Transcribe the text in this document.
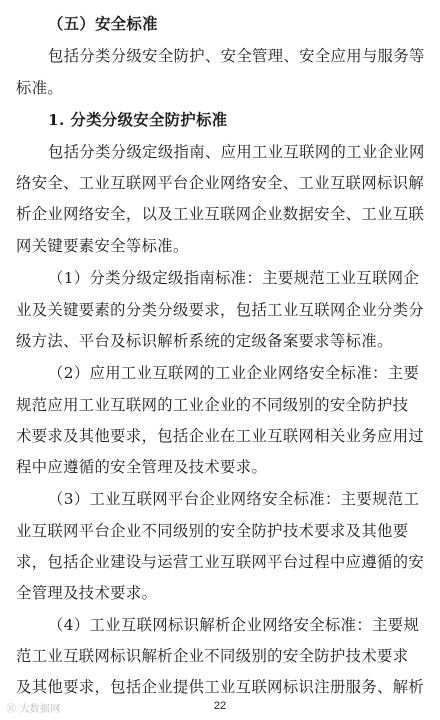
（五）安全标准
包括分类分级安全防护、安全管理、安全应用与服务等
标准。
1. 分类分级安全防护标准
包括分类分级定级指南、应用工业互联网的工业企业网
络安全、工业互联网平台企业网络安全、工业互联网标识解
析企业网络安全，以及工业互联网企业数据安全、工业互联
网关键要素安全等标准。
（1）分类分级定级指南标准：主要规范工业互联网企
业及关键要素的分类分级要求，包括工业互联网企业分类分
级方法、平台及标识解析系统的定级备案要求等标准。
（2）应用工业互联网的工业企业网络安全标准：主要
规范应用工业互联网的工业企业的不同级别的安全防护技
术要求及其他要求，包括企业在工业互联网相关业务应用过
程中应遵循的安全管理及技术要求。
（3）工业互联网平台企业网络安全标准：主要规范工
业互联网平台企业不同级别的安全防护技术要求及其他要
求，包括企业建设与运营工业互联网平台过程中应遵循的安
全管理及技术要求。
（4）工业互联网标识解析企业网络安全标准：主要规
范工业互联网标识解析企业不同级别的安全防护技术要求
及其他要求，包括企业提供工业互联网标识注册服务、解析
Ⓡ 大数据网	22
